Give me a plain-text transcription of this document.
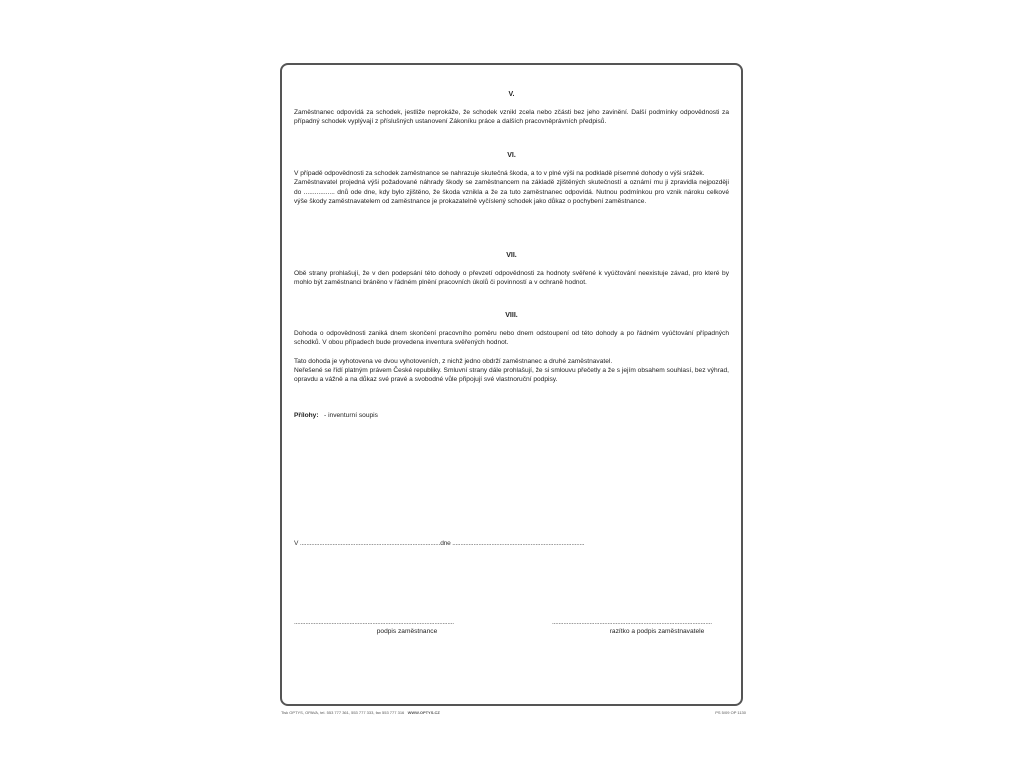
V.

Zaměstnanec odpovídá za schodek, jestliže neprokáže, že schodek vznikl zcela nebo zčásti bez jeho zavinění. Další podmínky odpovědnosti za případný schodek vyplývají z příslušných ustanovení Zákoníku práce a dalších pracovněprávních předpisů.

VI.

V případě odpovědnosti za schodek zaměstnance se nahrazuje skutečná škoda, a to v plné výši na podkladě písemné dohody o výši srážek.

Zaměstnavatel projedná výši požadované náhrady škody se zaměstnancem na základě zjištěných skutečností a oznámí mu ji zpravidla nejpozději do ................. dnů ode dne, kdy bylo zjištěno, že škoda vznikla a že za tuto zaměstnanec odpovídá. Nutnou podmínkou pro vznik nároku celkové výše škody zaměstnavatelem od zaměstnance je prokazatelně vyčíslený schodek jako důkaz o pochybení zaměstnance.

VII.

Obě strany prohlašují, že v den podepsání této dohody o převzetí odpovědnosti za hodnoty svěřené k vyúčtování neexistuje závad, pro které by mohlo být zaměstnanci bráněno v řádném plnění pracovních úkolů či povinností a v ochraně hodnot.

VIII.

Dohoda o odpovědnosti zaniká dnem skončení pracovního poměru nebo dnem odstoupení od této dohody a po řádném vyúčtování případných schodků. V obou případech bude provedena inventura svěřených hodnot.

Tato dohoda je vyhotovena ve dvou vyhotoveních, z nichž jedno obdrží zaměstnanec a druhé zaměstnavatel.

Neřešené se řídí platným právem České republiky. Smluvní strany dále prohlašují, že si smlouvu přečetly a že s jejím obsahem souhlasí, bez výhrad, opravdu a vážně a na důkaz své pravé a svobodné vůle připojují své vlastnoruční podpisy.

Přílohy: - inventurní soupis
V ......................................................................................dne .................................................................................
..................................................................................................	..................................................................................................
podpis zaměstnance	razítko a podpis zaměstnavatele
Tisk OPTYS, OPAVA, tel. 553 777 361, 553 777 333, fax 553 777 316 WWW.OPTYS.CZ	PS 5/09 OP 1130
